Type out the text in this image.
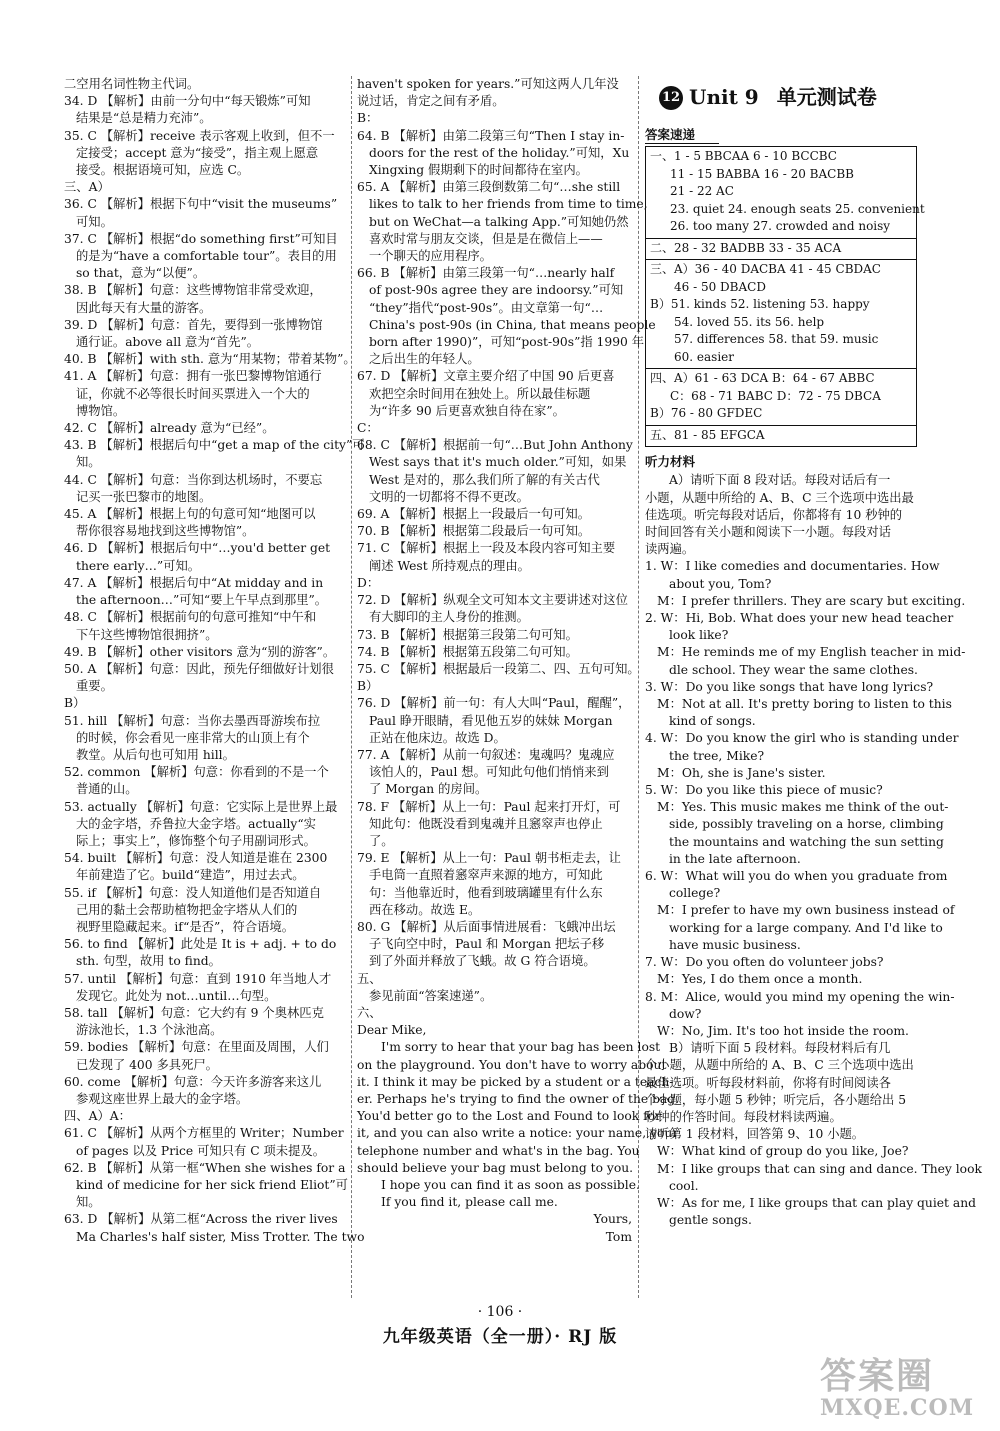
二空用名词性物主代词。
34. D 【解析】由前一分句中“每天锻炼”可知
结果是“总是精力充沛”。
35. C 【解析】receive 表示客观上收到，但不一
定接受；accept 意为“接受”，指主观上愿意
接受。根据语境可知，应选 C。
三、A）
36. C 【解析】根据下句中“visit the museums”
可知。
37. C 【解析】根据“do something first”可知目
的是为“have a comfortable tour”。表目的用
so that，意为“以便”。
38. B 【解析】句意：这些博物馆非常受欢迎，
因此每天有大量的游客。
39. D 【解析】句意：首先，要得到一张博物馆
通行证。above all 意为“首先”。
40. B 【解析】with sth. 意为“用某物；带着某物”。
41. A 【解析】句意：拥有一张巴黎博物馆通行
证，你就不必等很长时间买票进入一个大的
博物馆。
42. C 【解析】already 意为“已经”。
43. B 【解析】根据后句中“get a map of the city”可
知。
44. C 【解析】句意：当你到达机场时，不要忘
记买一张巴黎市的地图。
45. A 【解析】根据上句的句意可知“地图可以
帮你很容易地找到这些博物馆”。
46. D 【解析】根据后句中“…you'd better get
there early…”可知。
47. A 【解析】根据后句中“At midday and in
the afternoon…”可知“要上午早点到那里”。
48. C 【解析】根据前句的句意可推知“中午和
下午这些博物馆很拥挤”。
49. B 【解析】other visitors 意为“别的游客”。
50. A 【解析】句意：因此，预先仔细做好计划很
重要。
B）
51. hill 【解析】句意：当你去墨西哥游埃布拉
的时候，你会看见一座非常大的山顶上有个
教堂。从后句也可知用 hill。
52. common 【解析】句意：你看到的不是一个
普通的山。
53. actually 【解析】句意：它实际上是世界上最
大的金字塔，乔鲁拉大金字塔。actually“实
际上；事实上”，修饰整个句子用副词形式。
54. built 【解析】句意：没人知道是谁在 2300
年前建造了它。build“建造”，用过去式。
55. if 【解析】句意：没人知道他们是否知道自
己用的黏土会帮助植物把金字塔从人们的
视野里隐藏起来。if“是否”，符合语境。
56. to find 【解析】此处是 It is + adj. + to do
sth. 句型，故用 to find。
57. until 【解析】句意：直到 1910 年当地人才
发现它。此处为 not…until…句型。
58. tall 【解析】句意：它大约有 9 个奥林匹克
游泳池长，1.3 个泳池高。
59. bodies 【解析】句意：在里面及周围，人们
已发现了 400 多具死尸。
60. come 【解析】句意：今天许多游客来这儿
参观这座世界上最大的金字塔。
四、A）A：
61. C 【解析】从两个方框里的 Writer；Number
of pages 以及 Price 可知只有 C 项未提及。
62. B 【解析】从第一框“When she wishes for a
kind of medicine for her sick friend Eliot”可
知。
63. D 【解析】从第二框“Across the river lives
Ma Charles's half sister, Miss Trotter. The two
haven't spoken for years.”可知这两人几年没
说过话，肯定之间有矛盾。
B：
64. B 【解析】由第二段第三句“Then I stay in-
doors for the rest of the holiday.”可知，Xu
Xingxing 假期剩下的时间都待在室内。
65. A 【解析】由第三段倒数第二句“…she still
likes to talk to her friends from time to time,
but on WeChat—a talking App.”可知她仍然
喜欢时常与朋友交谈，但是是在微信上——
一个聊天的应用程序。
66. B 【解析】由第三段第一句“…nearly half
of post-90s agree they are indoorsy.”可知
“they”指代“post-90s”。由文章第一句“…
China's post-90s (in China, that means people
born after 1990)”，可知“post-90s”指 1990 年
之后出生的年轻人。
67. D 【解析】文章主要介绍了中国 90 后更喜
欢把空余时间用在独处上。所以最佳标题
为“许多 90 后更喜欢独自待在家”。
C：
68. C 【解析】根据前一句“…But John Anthony
West says that it's much older.”可知，如果
West 是对的，那么我们所了解的有关古代
文明的一切都将不得不更改。
69. A 【解析】根据上一段最后一句可知。
70. B 【解析】根据第二段最后一句可知。
71. C 【解析】根据上一段及本段内容可知主要
阐述 West 所持观点的理由。
D：
72. D 【解析】纵观全文可知本文主要讲述对这位
有大脚印的主人身份的推测。
73. B 【解析】根据第三段第二句可知。
74. B 【解析】根据第五段第二句可知。
75. C 【解析】根据最后一段第二、四、五句可知。
B）
76. D 【解析】前一句：有人大叫“Paul，醒醒”，
Paul 睁开眼睛，看见他五岁的妹妹 Morgan
正站在他床边。故选 D。
77. A 【解析】从前一句叙述：鬼魂吗？鬼魂应
该怕人的，Paul 想。可知此句他们悄悄来到
了 Morgan 的房间。
78. F 【解析】从上一句：Paul 起来打开灯，可
知此句：他既没看到鬼魂并且窸窣声也停止
了。
79. E 【解析】从上一句：Paul 朝书柜走去，让
手电筒一直照着窸窣声来源的地方，可知此
句：当他靠近时，他看到玻璃罐里有什么东
西在移动。故选 E。
80. G 【解析】从后面事情进展看：飞蛾冲出坛
子飞向空中时，Paul 和 Morgan 把坛子移
到了外面并释放了飞蛾。故 G 符合语境。
五、
参见前面“答案速递”。
六、
Dear Mike,
I'm sorry to hear that your bag has been lost
on the playground. You don't have to worry about
it. I think it may be picked by a student or a teach-
er. Perhaps he's trying to find the owner of the bag.
You'd better go to the Lost and Found to look for
it, and you can also write a notice: your name, your
telephone number and what's in the bag. You
should believe your bag must belong to you.
I hope you can find it as soon as possible.
If you find it, please call me.
Yours,
Tom
12 Unit 9 单元测试卷
答案速递
一、1 - 5 BBCAA 6 - 10 BCCBC
11 - 15 BABBA 16 - 20 BACBB
21 - 22 AC
23. quiet 24. enough seats 25. convenient
26. too many 27. crowded and noisy
二、28 - 32 BADBB 33 - 35 ACA
三、A）36 - 40 DACBA 41 - 45 CBDAC
46 - 50 DBACD
B）51. kinds 52. listening 53. happy
54. loved 55. its 56. help
57. differences 58. that 59. music
60. easier
四、A）61 - 63 DCA B：64 - 67 ABBC
C：68 - 71 BABC D：72 - 75 DBCA
B）76 - 80 GFDEC
五、81 - 85 EFGCA
听力材料
A）请听下面 8 段对话。每段对话后有一
小题，从题中所给的 A、B、C 三个选项中选出最
佳选项。听完每段对话后，你都将有 10 秒钟的
时间回答有关小题和阅读下一小题。每段对话
读两遍。
1. W：I like comedies and documentaries. How
about you, Tom?
M：I prefer thrillers. They are scary but exciting.
2. W：Hi, Bob. What does your new head teacher
look like?
M：He reminds me of my English teacher in mid-
dle school. They wear the same clothes.
3. W：Do you like songs that have long lyrics?
M：Not at all. It's pretty boring to listen to this
kind of songs.
4. W：Do you know the girl who is standing under
the tree, Mike?
M：Oh, she is Jane's sister.
5. W：Do you like this piece of music?
M：Yes. This music makes me think of the out-
side, possibly traveling on a horse, climbing
the mountains and watching the sun setting
in the late afternoon.
6. W：What will you do when you graduate from
college?
M：I prefer to have my own business instead of
working for a large company. And I'd like to
have music business.
7. W：Do you often do volunteer jobs?
M：Yes, I do them once a month.
8. M：Alice, would you mind my opening the win-
dow?
W：No, Jim. It's too hot inside the room.
B）请听下面 5 段材料。每段材料后有几
个小题，从题中所给的 A、B、C 三个选项中选出
最佳选项。听每段材料前，你将有时间阅读各
个小题，每小题 5 秒钟；听完后，各小题给出 5
秒钟的作答时间。每段材料读两遍。
请听第 1 段材料，回答第 9、10 小题。
W：What kind of group do you like, Joe?
M：I like groups that can sing and dance. They look
cool.
W：As for me, I like groups that can play quiet and
gentle songs.
· 106 ·
九年级英语（全一册）· RJ 版
答案圈
MXQE.COM
